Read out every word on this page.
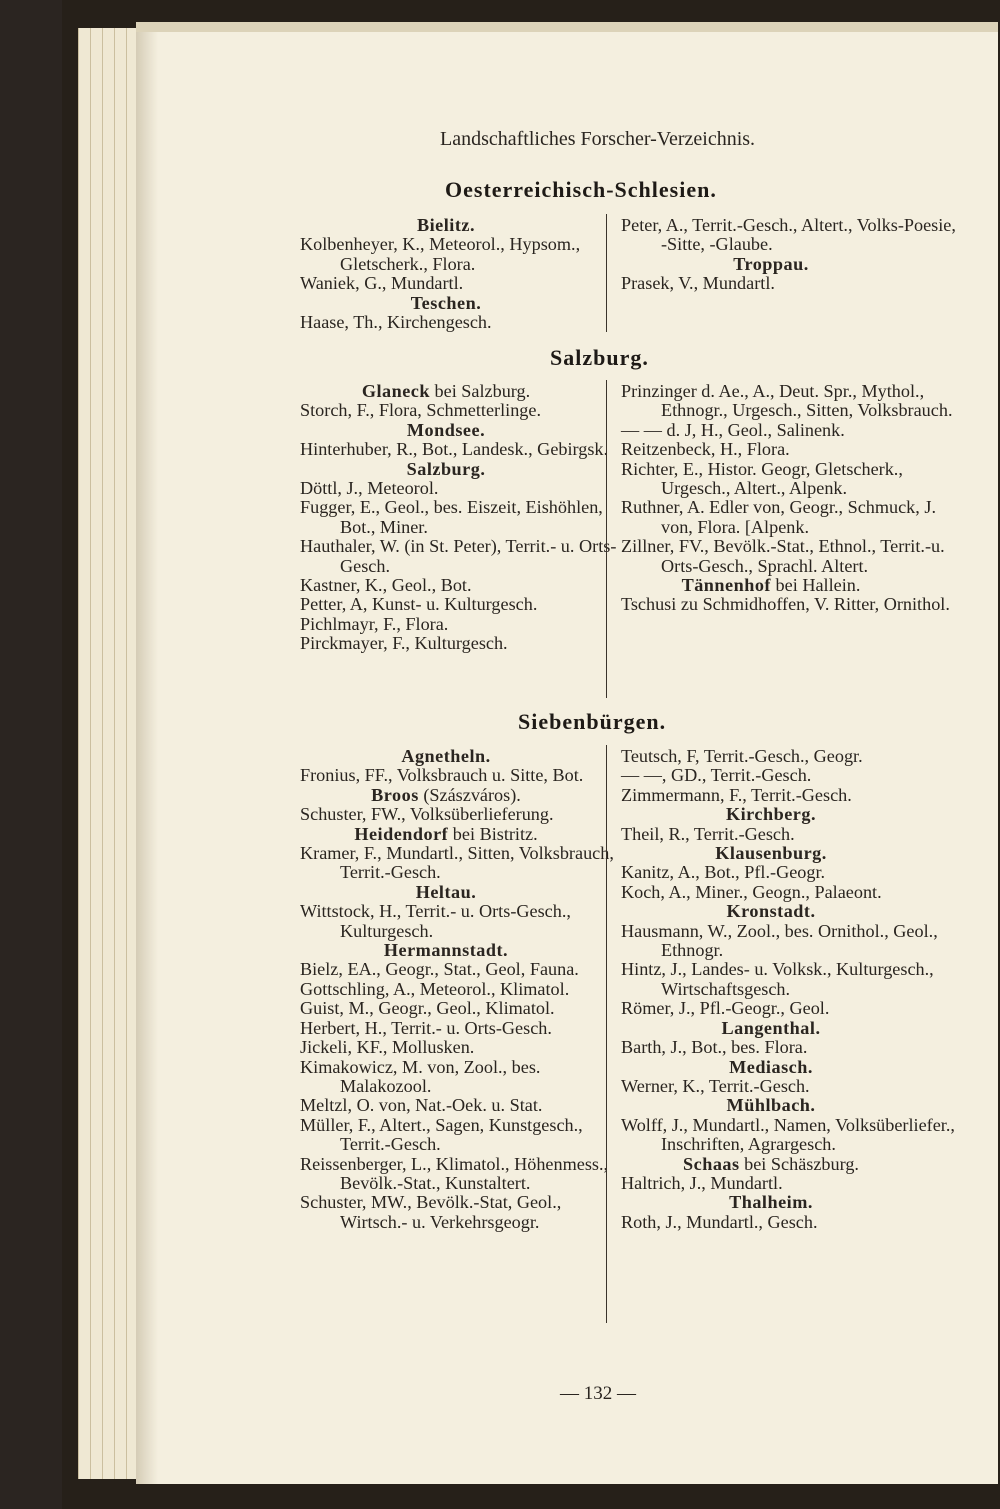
Landschaftliches Forscher-Verzeichnis.
Oesterreichisch-Schlesien.

Bielitz.

Kolbenheyer, K., Meteorol., Hypsom., Gletscherk., Flora.

Waniek, G., Mundartl.

Teschen.

Haase, Th., Kirchengesch.

Peter, A., Territ.-Gesch., Altert., Volks-Poesie, -Sitte, -Glaube.

Troppau.

Prasek, V., Mundartl.

Salzburg.

Glaneck bei Salzburg.

Storch, F., Flora, Schmetterlinge.

Mondsee.

Hinterhuber, R., Bot., Landesk., Gebirgsk.

Salzburg.

Döttl, J., Meteorol.

Fugger, E., Geol., bes. Eiszeit, Eishöhlen, Bot., Miner.

Hauthaler, W. (in St. Peter), Territ.- u. Orts-Gesch.

Kastner, K., Geol., Bot.

Petter, A, Kunst- u. Kulturgesch.

Pichlmayr, F., Flora.

Pirckmayer, F., Kulturgesch.

Prinzinger d. Ae., A., Deut. Spr., Mythol., Ethnogr., Urgesch., Sitten, Volksbrauch.

— — d. J, H., Geol., Salinenk.

Reitzenbeck, H., Flora.

Richter, E., Histor. Geogr, Gletscherk., Urgesch., Altert., Alpenk.

Ruthner, A. Edler von, Geogr., Schmuck, J. von, Flora. [Alpenk.

Zillner, FV., Bevölk.-Stat., Ethnol., Territ.-u. Orts-Gesch., Sprachl. Altert.

Tännenhof bei Hallein.

Tschusi zu Schmidhoffen, V. Ritter, Ornithol.

Siebenbürgen.

Agnetheln.

Fronius, FF., Volksbrauch u. Sitte, Bot.

Broos (Szászváros).

Schuster, FW., Volksüberlieferung.

Heidendorf bei Bistritz.

Kramer, F., Mundartl., Sitten, Volksbrauch, Territ.-Gesch.

Heltau.

Wittstock, H., Territ.- u. Orts-Gesch., Kulturgesch.

Hermannstadt.

Bielz, EA., Geogr., Stat., Geol, Fauna.

Gottschling, A., Meteorol., Klimatol.

Guist, M., Geogr., Geol., Klimatol.

Herbert, H., Territ.- u. Orts-Gesch.

Jickeli, KF., Mollusken.

Kimakowicz, M. von, Zool., bes. Malakozool.

Meltzl, O. von, Nat.-Oek. u. Stat.

Müller, F., Altert., Sagen, Kunstgesch., Territ.-Gesch.

Reissenberger, L., Klimatol., Höhenmess., Bevölk.-Stat., Kunstaltert.

Schuster, MW., Bevölk.-Stat, Geol., Wirtsch.- u. Verkehrsgeogr.

Teutsch, F, Territ.-Gesch., Geogr.

— —, GD., Territ.-Gesch.

Zimmermann, F., Territ.-Gesch.

Kirchberg.

Theil, R., Territ.-Gesch.

Klausenburg.

Kanitz, A., Bot., Pfl.-Geogr.

Koch, A., Miner., Geogn., Palaeont.

Kronstadt.

Hausmann, W., Zool., bes. Ornithol., Geol., Ethnogr.

Hintz, J., Landes- u. Volksk., Kulturgesch., Wirtschaftsgesch.

Römer, J., Pfl.-Geogr., Geol.

Langenthal.

Barth, J., Bot., bes. Flora.

Mediasch.

Werner, K., Territ.-Gesch.

Mühlbach.

Wolff, J., Mundartl., Namen, Volksüberliefer., Inschriften, Agrargesch.

Schaas bei Schäszburg.

Haltrich, J., Mundartl.

Thalheim.

Roth, J., Mundartl., Gesch.

— 132 —
